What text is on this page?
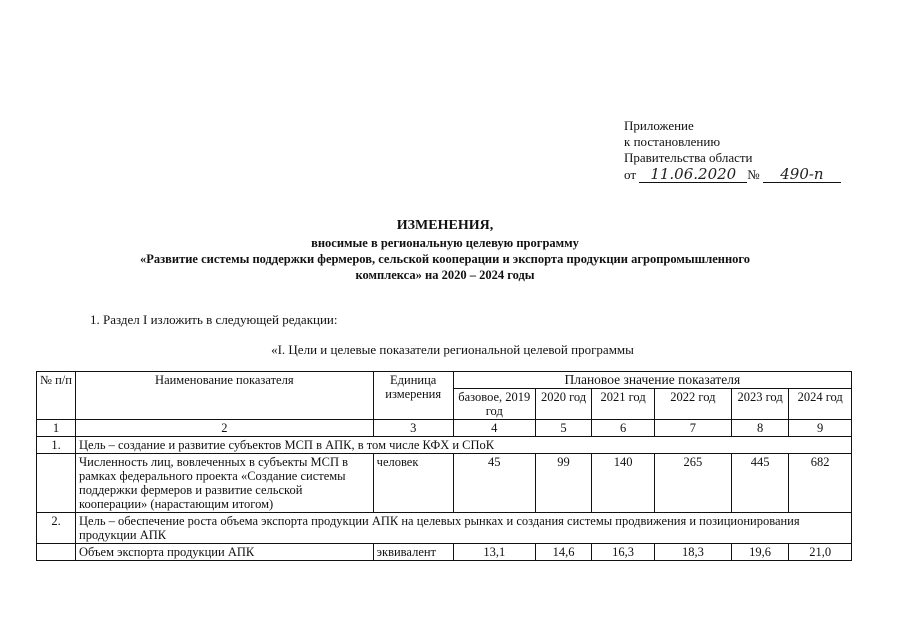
Приложение
к постановлению
Правительства области
от 11.06.2020 № 490-п
ИЗМЕНЕНИЯ,
вносимые в региональную целевую программу
«Развитие системы поддержки фермеров, сельской кооперации и экспорта продукции агропромышленного
комплекса» на 2020 – 2024 годы
1. Раздел I изложить в следующей редакции:
«I. Цели и целевые показатели региональной целевой программы
№ п/п	Наименование показателя	Единица измерения	Плановое значение показателя					
			базовое, 2019 год	2020 год	2021 год	2022 год	2023 год	2024 год
1	2	3	4	5	6	7	8	9
1.	Цель – создание и развитие субъектов МСП в АПК, в том числе КФХ и СПоК							
	Численность лиц, вовлеченных в субъекты МСП в рамках федерального проекта «Создание системы поддержки фермеров и развитие сельской кооперации» (нарастающим итогом)	человек	45	99	140	265	445	682
2.	Цель – обеспечение роста объема экспорта продукции АПК на целевых рынках и создания системы продвижения и позиционирования продукции АПК							
	Объем экспорта продукции АПК	эквивалент	13,1	14,6	16,3	18,3	19,6	21,0
